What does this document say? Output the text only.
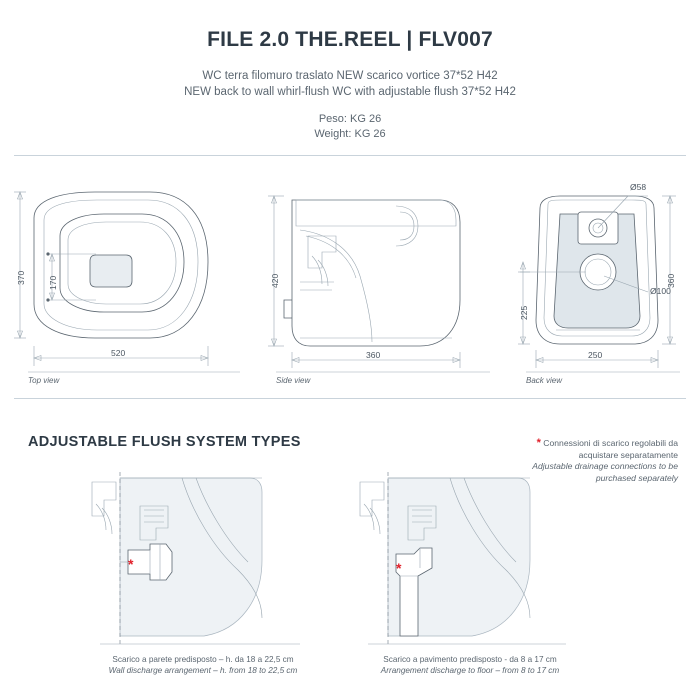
FILE 2.0 THE.REEL | FLV007
WC terra filomuro traslato NEW scarico vortice 37*52 H42
NEW back to wall whirl-flush WC with adjustable flush 37*52 H42
Peso: KG 26
Weight: KG 26
520
370	170
360
420
250
360
225
Ø58
Ø100
Top view	Side view	Back view
ADJUSTABLE FLUSH SYSTEM TYPES	* Connessioni di scarico regolabili da acquistare separatamente
Adjustable drainage connections to be purchased separately
*	*
Scarico a parete predisposto – h. da 18 a 22,5 cm
Wall discharge arrangement – h. from 18 to 22,5 cm
Scarico a pavimento predisposto - da 8 a 17 cm
Arrangement discharge to floor – from 8 to 17 cm
